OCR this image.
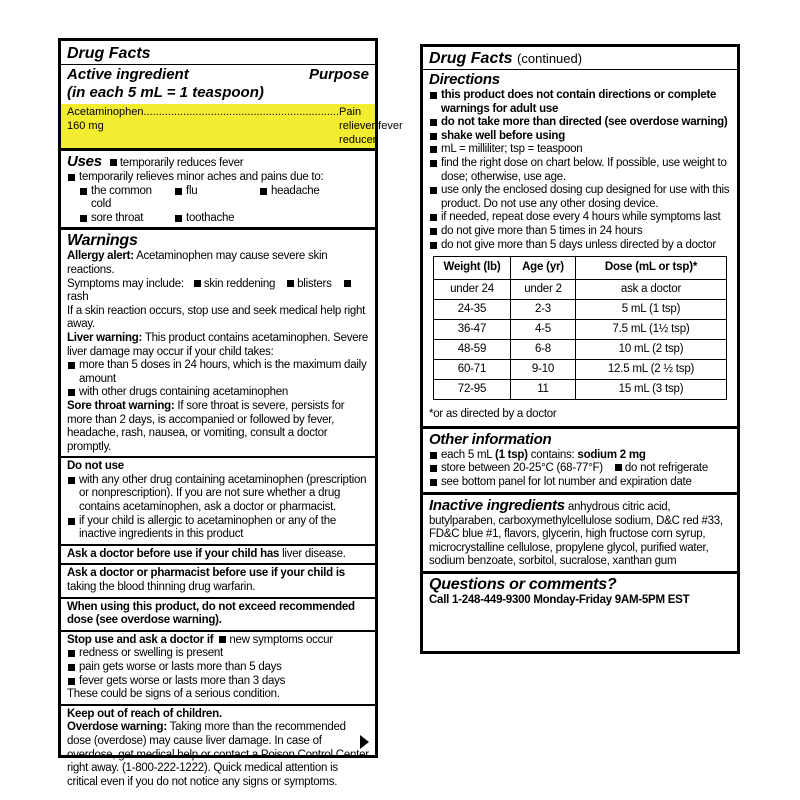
Drug Facts
Active ingredient	Purpose
(in each 5 mL = 1 teaspoon)
Acetaminophen 160 mg
................................................................ Pain reliever/fever reducer
Uses temporarily reduces fever
temporarily relieves minor aches and pains due to:
the common cold
flu	headache
sore throat	toothache
Warnings
Allergy alert: Acetaminophen may cause severe skin reactions.
Symptoms may include: skin reddening blistersrash
If a skin reaction occurs, stop use and seek medical help right away.
Liver warning: This product contains acetaminophen. Severe liver damage may occur if your child takes:
more than 5 doses in 24 hours, which is the maximum daily amount
with other drugs containing acetaminophen
Sore throat warning: If sore throat is severe, persists for more than 2 days, is accompanied or followed by fever, headache, rash, nausea, or vomiting, consult a doctor promptly.
Do not use
with any other drug containing acetaminophen (prescription or nonprescription). If you are not sure whether a drug contains acetaminophen, ask a doctor or pharmacist.
if your child is allergic to acetaminophen or any of the inactive ingredients in this product
Ask a doctor before use if your child has liver disease.
Ask a doctor or pharmacist before use if your child is taking the blood thinning drug warfarin.
When using this product, do not exceed recommended dose (see overdose warning).
Stop use and ask a doctor if new symptoms occur
redness or swelling is present
pain gets worse or lasts more than 5 days
fever gets worse or lasts more than 3 days
These could be signs of a serious condition.
Keep out of reach of children.
Overdose warning: Taking more than the recommended dose (overdose) may cause liver damage. In case of overdose, get medical help or contact a Poison Control Center right away. (1-800-222-1222). Quick medical attention is critical even if you do not notice any signs or symptoms.
Drug Facts (continued)
Directions
this product does not contain directions or complete warnings for adult use
do not take more than directed (see overdose warning)
shake well before using
mL = milliliter; tsp = teaspoon
find the right dose on chart below. If possible, use weight to dose; otherwise, use age.
use only the enclosed dosing cup designed for use with this product. Do not use any other dosing device.
if needed, repeat dose every 4 hours while symptoms last
do not give more than 5 times in 24 hours
do not give more than 5 days unless directed by a doctor
Weight (lb)	Age (yr)	Dose (mL or tsp)*
under 24	under 2	ask a doctor
24-35	2-3	5 mL (1 tsp)
36-47	4-5	7.5 mL (1½ tsp)
48-59	6-8	10 mL (2 tsp)
60-71	9-10	12.5 mL (2 ½ tsp)
72-95	11	15 mL (3 tsp)
*or as directed by a doctor
Other information
each 5 mL (1 tsp) contains: sodium 2 mg
store between 20-25°C (68-77°F) do not refrigerate
see bottom panel for lot number and expiration date
Inactive ingredients anhydrous citric acid, butylparaben, carboxymethylcellulose sodium, D&C red #33, FD&C blue #1, flavors, glycerin, high fructose corn syrup, microcrystalline cellulose, propylene glycol, purified water, sodium benzoate, sorbitol, sucralose, xanthan gum
Questions or comments?
Call 1-248-449-9300 Monday-Friday 9AM-5PM EST
